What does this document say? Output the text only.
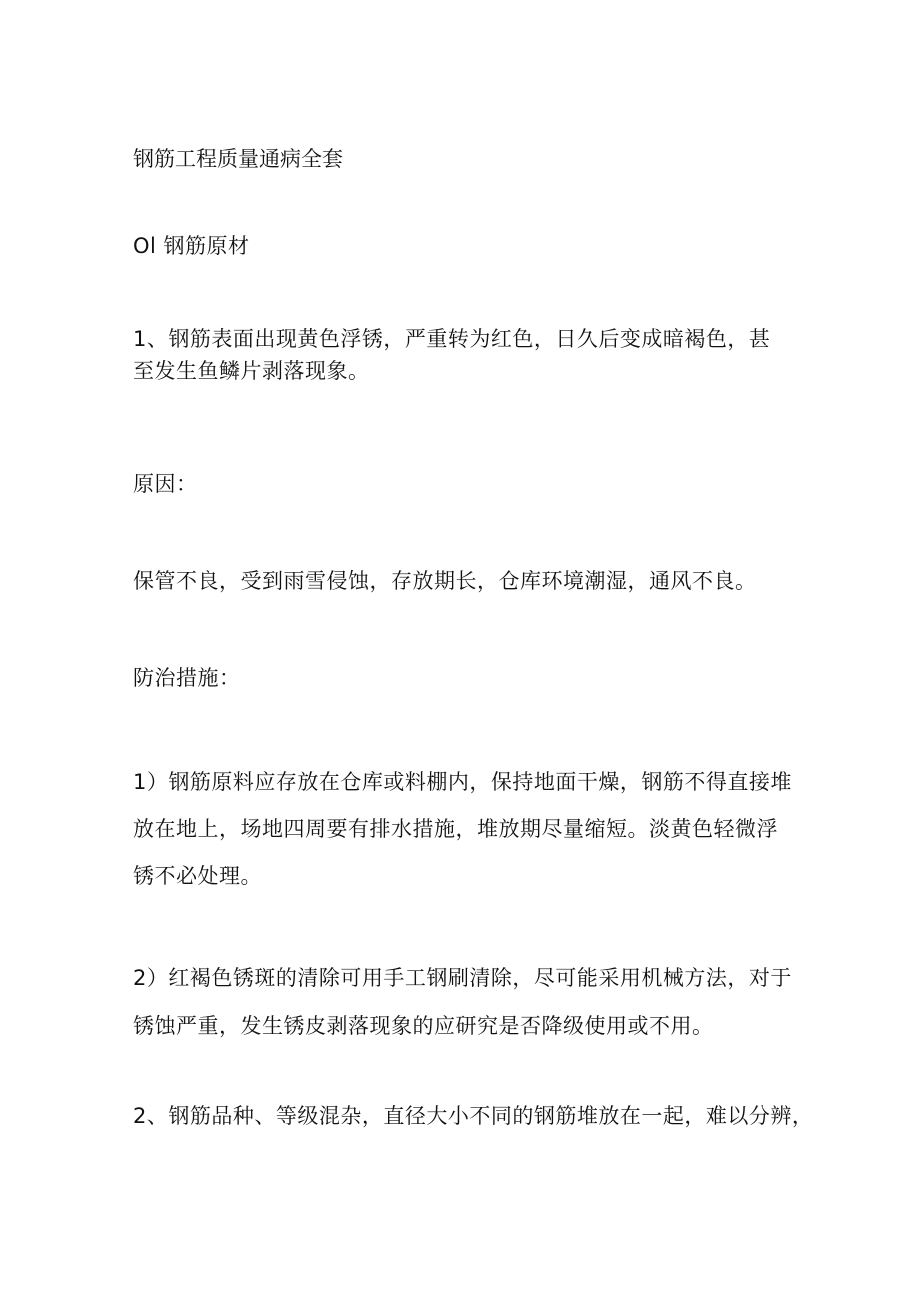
钢筋工程质量通病全套
Ol 钢筋原材
1、钢筋表面出现黄色浮锈，严重转为红色，日久后变成暗褐色，甚
至发生鱼鳞片剥落现象。
原因：
保管不良，受到雨雪侵蚀，存放期长，仓库环境潮湿，通风不良。
防治措施：
1）钢筋原料应存放在仓库或料棚内，保持地面干燥，钢筋不得直接堆
放在地上，场地四周要有排水措施，堆放期尽量缩短。淡黄色轻微浮
锈不必处理。
2）红褐色锈斑的清除可用手工钢刷清除，尽可能采用机械方法，对于
锈蚀严重，发生锈皮剥落现象的应研究是否降级使用或不用。
2、钢筋品种、等级混杂，直径大小不同的钢筋堆放在一起，难以分辨，
